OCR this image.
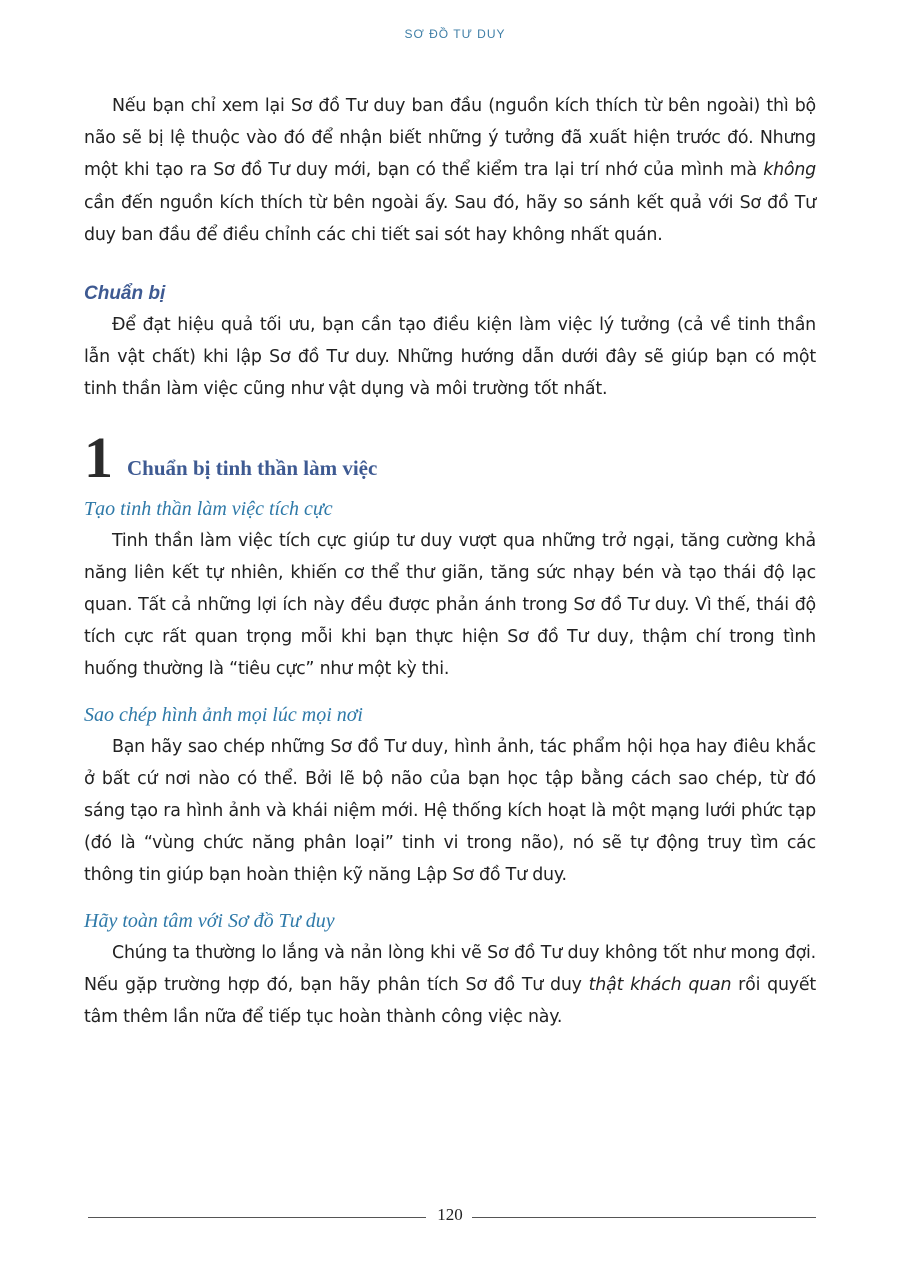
SƠ ĐỒ TƯ DUY

Nếu bạn chỉ xem lại Sơ đồ Tư duy ban đầu (nguồn kích thích từ bên ngoài) thì bộ não sẽ bị lệ thuộc vào đó để nhận biết những ý tưởng đã xuất hiện trước đó. Nhưng một khi tạo ra Sơ đồ Tư duy mới, bạn có thể kiểm tra lại trí nhớ của mình mà không cần đến nguồn kích thích từ bên ngoài ấy. Sau đó, hãy so sánh kết quả với Sơ đồ Tư duy ban đầu để điều chỉnh các chi tiết sai sót hay không nhất quán.

Chuẩn bị

Để đạt hiệu quả tối ưu, bạn cần tạo điều kiện làm việc lý tưởng (cả về tinh thần lẫn vật chất) khi lập Sơ đồ Tư duy. Những hướng dẫn dưới đây sẽ giúp bạn có một tinh thần làm việc cũng như vật dụng và môi trường tốt nhất.

1 Chuẩn bị tinh thần làm việc
Tạo tinh thần làm việc tích cực

Tinh thần làm việc tích cực giúp tư duy vượt qua những trở ngại, tăng cường khả năng liên kết tự nhiên, khiến cơ thể thư giãn, tăng sức nhạy bén và tạo thái độ lạc quan. Tất cả những lợi ích này đều được phản ánh trong Sơ đồ Tư duy. Vì thế, thái độ tích cực rất quan trọng mỗi khi bạn thực hiện Sơ đồ Tư duy, thậm chí trong tình huống thường là “tiêu cực” như một kỳ thi.

Sao chép hình ảnh mọi lúc mọi nơi

Bạn hãy sao chép những Sơ đồ Tư duy, hình ảnh, tác phẩm hội họa hay điêu khắc ở bất cứ nơi nào có thể. Bởi lẽ bộ não của bạn học tập bằng cách sao chép, từ đó sáng tạo ra hình ảnh và khái niệm mới. Hệ thống kích hoạt là một mạng lưới phức tạp (đó là “vùng chức năng phân loại” tinh vi trong não), nó sẽ tự động truy tìm các thông tin giúp bạn hoàn thiện kỹ năng Lập Sơ đồ Tư duy.

Hãy toàn tâm với Sơ đồ Tư duy

Chúng ta thường lo lắng và nản lòng khi vẽ Sơ đồ Tư duy không tốt như mong đợi. Nếu gặp trường hợp đó, bạn hãy phân tích Sơ đồ Tư duy thật khách quan rồi quyết tâm thêm lần nữa để tiếp tục hoàn thành công việc này.

120
